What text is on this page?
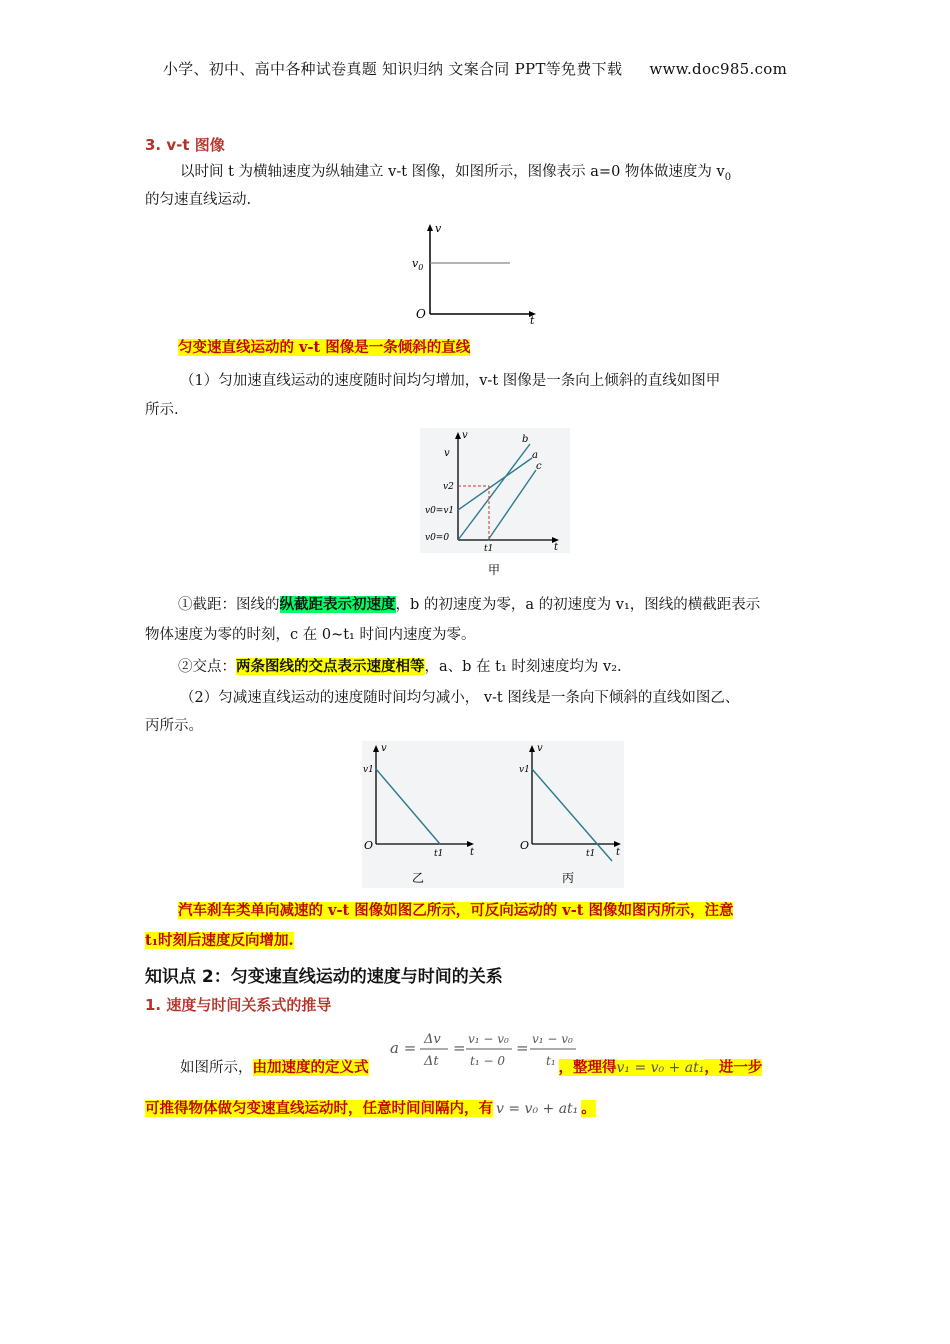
小学、初中、高中各种试卷真题 知识归纳 文案合同 PPT等免费下载 www.doc985.com
3. v-t 图像
以时间 t 为横轴速度为纵轴建立 v-t 图像，如图所示，图像表示 a=0 物体做速度为 $v_0$
的匀速直线运动.
v
t
O
$v_0$
匀变速直线运动的 v-t 图像是一条倾斜的直线
（1）匀加速直线运动的速度随时间均匀增加，v-t 图像是一条向上倾斜的直线如图甲
所示.
v
t
b
a
c
v
v2
v0=v1
v0=0
t1
甲
①截距：图线的纵截距表示初速度，b 的初速度为零，a 的初速度为 v₁，图线的横截距表示
物体速度为零的时刻，c 在 0~t₁ 时间内速度为零。
②交点：两条图线的交点表示速度相等，a、b 在 t₁ 时刻速度均为 v₂.
（2）匀减速直线运动的速度随时间均匀减小， v-t 图线是一条向下倾斜的直线如图乙、
丙所示。
v
t
O
v1
t1
乙
v
t
O
v1
t1
丙
汽车刹车类单向减速的 v-t 图像如图乙所示，可反向运动的 v-t 图像如图丙所示，注意
t₁时刻后速度反向增加.
知识点 2：匀变速直线运动的速度与时间的关系
1. 速度与时间关系式的推导
a = Δv
Δt
= v₁ − v₀
t₁ − 0
= v₁ − v₀
t₁
如图所示，由加速度的定义式	，整理得v₁ = v₀ + at₁，进一步
可推得物体做匀变速直线运动时，任意时间间隔内，有 v = v₀ + at₁ 。
